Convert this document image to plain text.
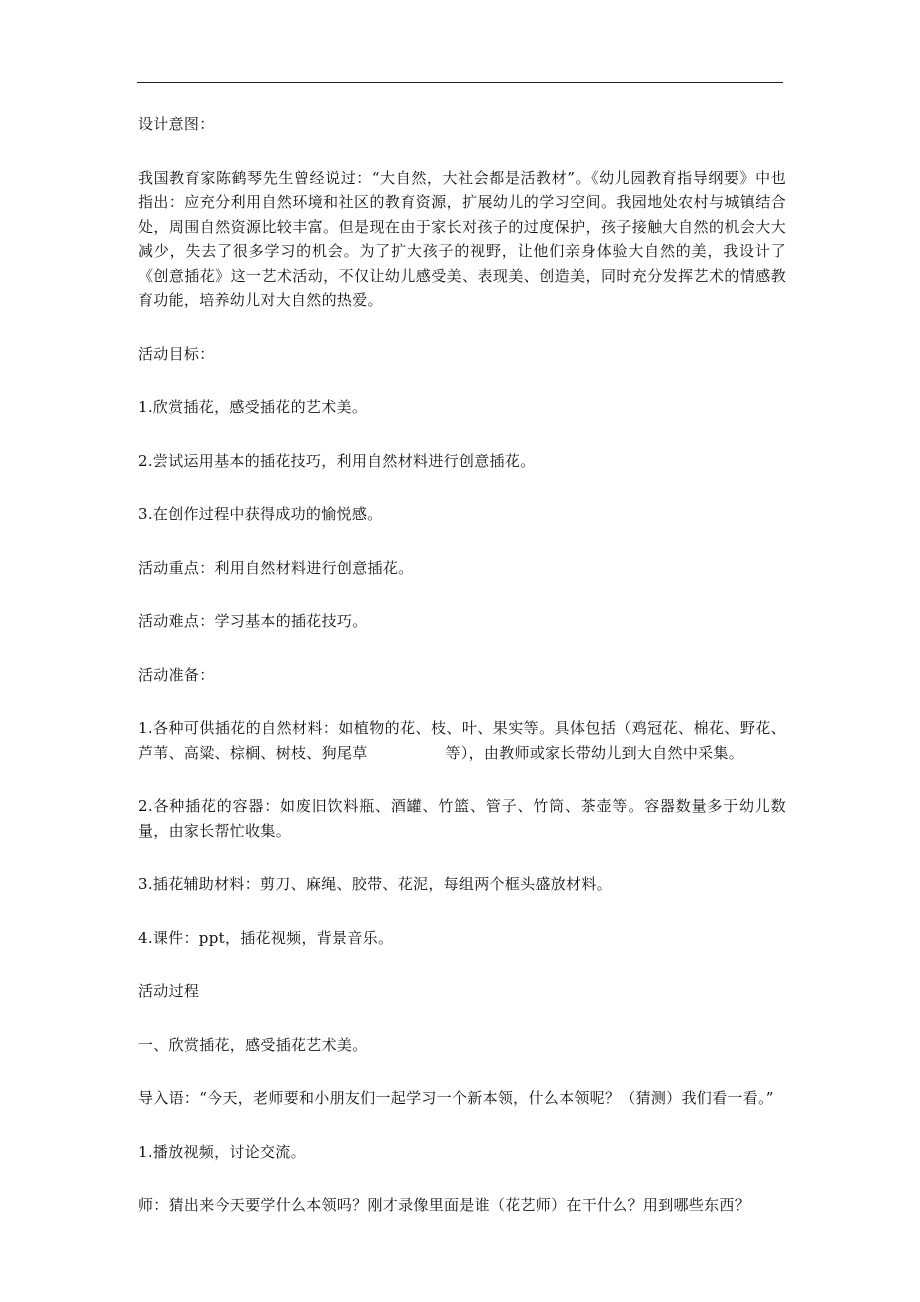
设计意图：

我国教育家陈鹤琴先生曾经说过：“大自然，大社会都是活教材”。《幼儿园教育指导纲要》中也指出：应充分利用自然环境和社区的教育资源，扩展幼儿的学习空间。我园地处农村与城镇结合处，周围自然资源比较丰富。但是现在由于家长对孩子的过度保护，孩子接触大自然的机会大大减少，失去了很多学习的机会。为了扩大孩子的视野，让他们亲身体验大自然的美，我设计了《创意插花》这一艺术活动，不仅让幼儿感受美、表现美、创造美，同时充分发挥艺术的情感教育功能，培养幼儿对大自然的热爱。

活动目标：

1.欣赏插花，感受插花的艺术美。

2.尝试运用基本的插花技巧，利用自然材料进行创意插花。

3.在创作过程中获得成功的愉悦感。

活动重点：利用自然材料进行创意插花。

活动难点：学习基本的插花技巧。

活动准备：

1.各种可供插花的自然材料：如植物的花、枝、叶、果实等。具体包括（鸡冠花、棉花、野花、芦苇、高粱、棕榈、树枝、狗尾草	等），由教师或家长带幼儿到大自然中采集。

2.各种插花的容器：如废旧饮料瓶、酒罐、竹篮、管子、竹筒、茶壶等。容器数量多于幼儿数量，由家长帮忙收集。

3.插花辅助材料：剪刀、麻绳、胶带、花泥，每组两个框头盛放材料。

4.课件：ppt，插花视频，背景音乐。

活动过程

一、欣赏插花，感受插花艺术美。

导入语：“今天，老师要和小朋友们一起学习一个新本领，什么本领呢？（猜测）我们看一看。”

1.播放视频，讨论交流。

师：猜出来今天要学什么本领吗？刚才录像里面是谁（花艺师）在干什么？用到哪些东西？
